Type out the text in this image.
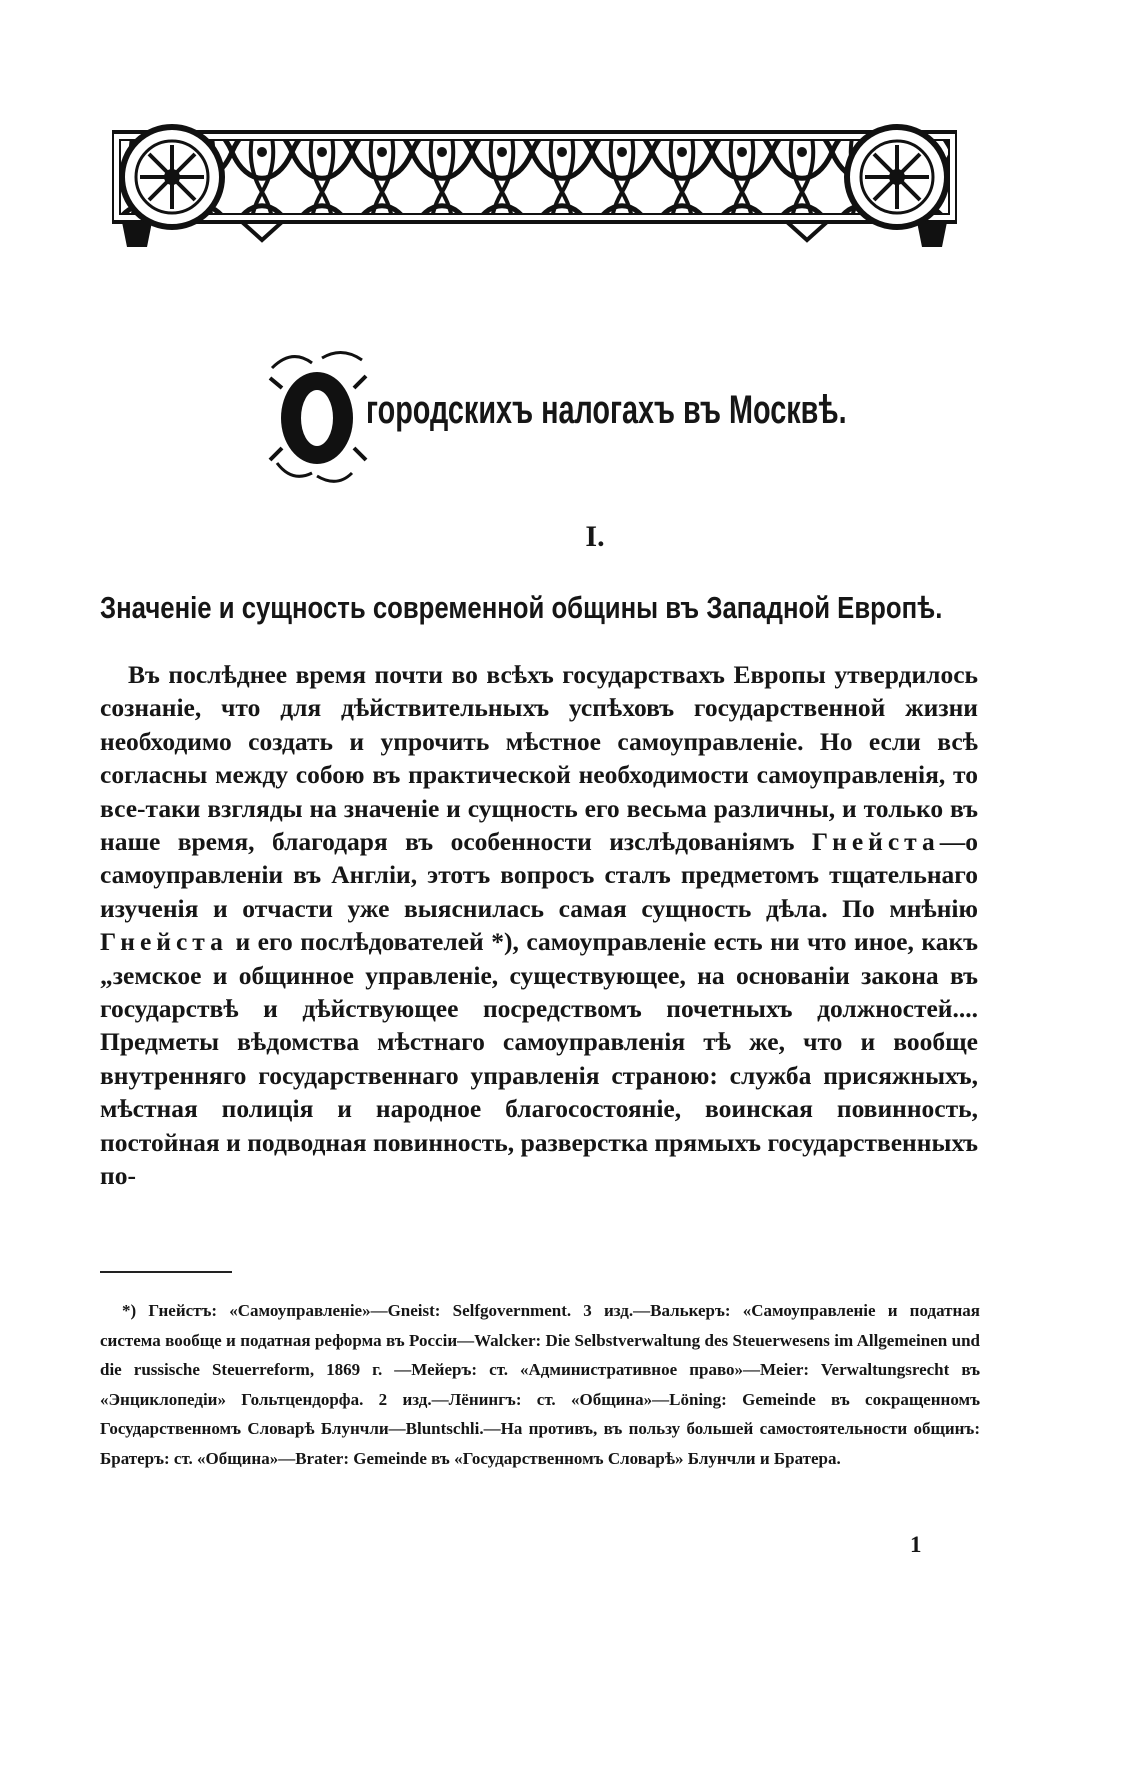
городскихъ налогахъ въ Москвѣ.
I.
Значенiе и сущность современной общины въ Западной Европѣ.

Въ послѣднее время почти во всѣхъ государствахъ Европы утвердилось сознанiе, что для дѣйствительныхъ успѣховъ государственной жизни необходимо создать и упрочить мѣстное самоуправленiе. Но если всѣ согласны между собою въ практической необходимости самоуправленiя, то все-таки взгляды на значенiе и сущность его весьма различны, и только въ наше время, благодаря въ особенности изслѣдованiямъ Гнейста—о самоуправленiи въ Англiи, этотъ вопросъ сталъ предметомъ тщательнаго изученiя и отчасти уже выяснилась самая сущность дѣла. По мнѣнiю Гнейста и его послѣдователей *), самоуправленiе есть ни что иное, какъ „земское и общинное управленiе, существующее, на основанiи закона въ государствѣ и дѣйствующее посредствомъ почетныхъ должностей.... Предметы вѣдомства мѣстнаго самоуправленiя тѣ же, что и вообще внутренняго государственнаго управленiя страною: служба присяжныхъ, мѣстная полицiя и народное благосостоянiе, воинская повинность, постойная и подводная повинность, разверстка прямыхъ государственныхъ по-

*) Гнейстъ: «Самоуправленiе»—Gneist: Selfgovernment. 3 изд.—Валькеръ: «Самоуправленiе и податная система вообще и податная реформа въ Россiи—Walcker: Die Selbstverwaltung des Steuerwesens im Allgemeinen und die russische Steuerreform, 1869 г. —Мейеръ: ст. «Административное право»—Meier: Verwaltungsrecht въ «Энциклопедiи» Гольтцендорфа. 2 изд.—Лёнингъ: ст. «Община»—Löning: Gemeinde въ сокращенномъ Государственномъ Словарѣ Блунчли—Bluntschli.—На противъ, въ пользу большей самостоятельности общинъ: Братеръ: ст. «Община»—Brater: Gemeinde въ «Государственномъ Словарѣ» Блунчли и Братера.

1
